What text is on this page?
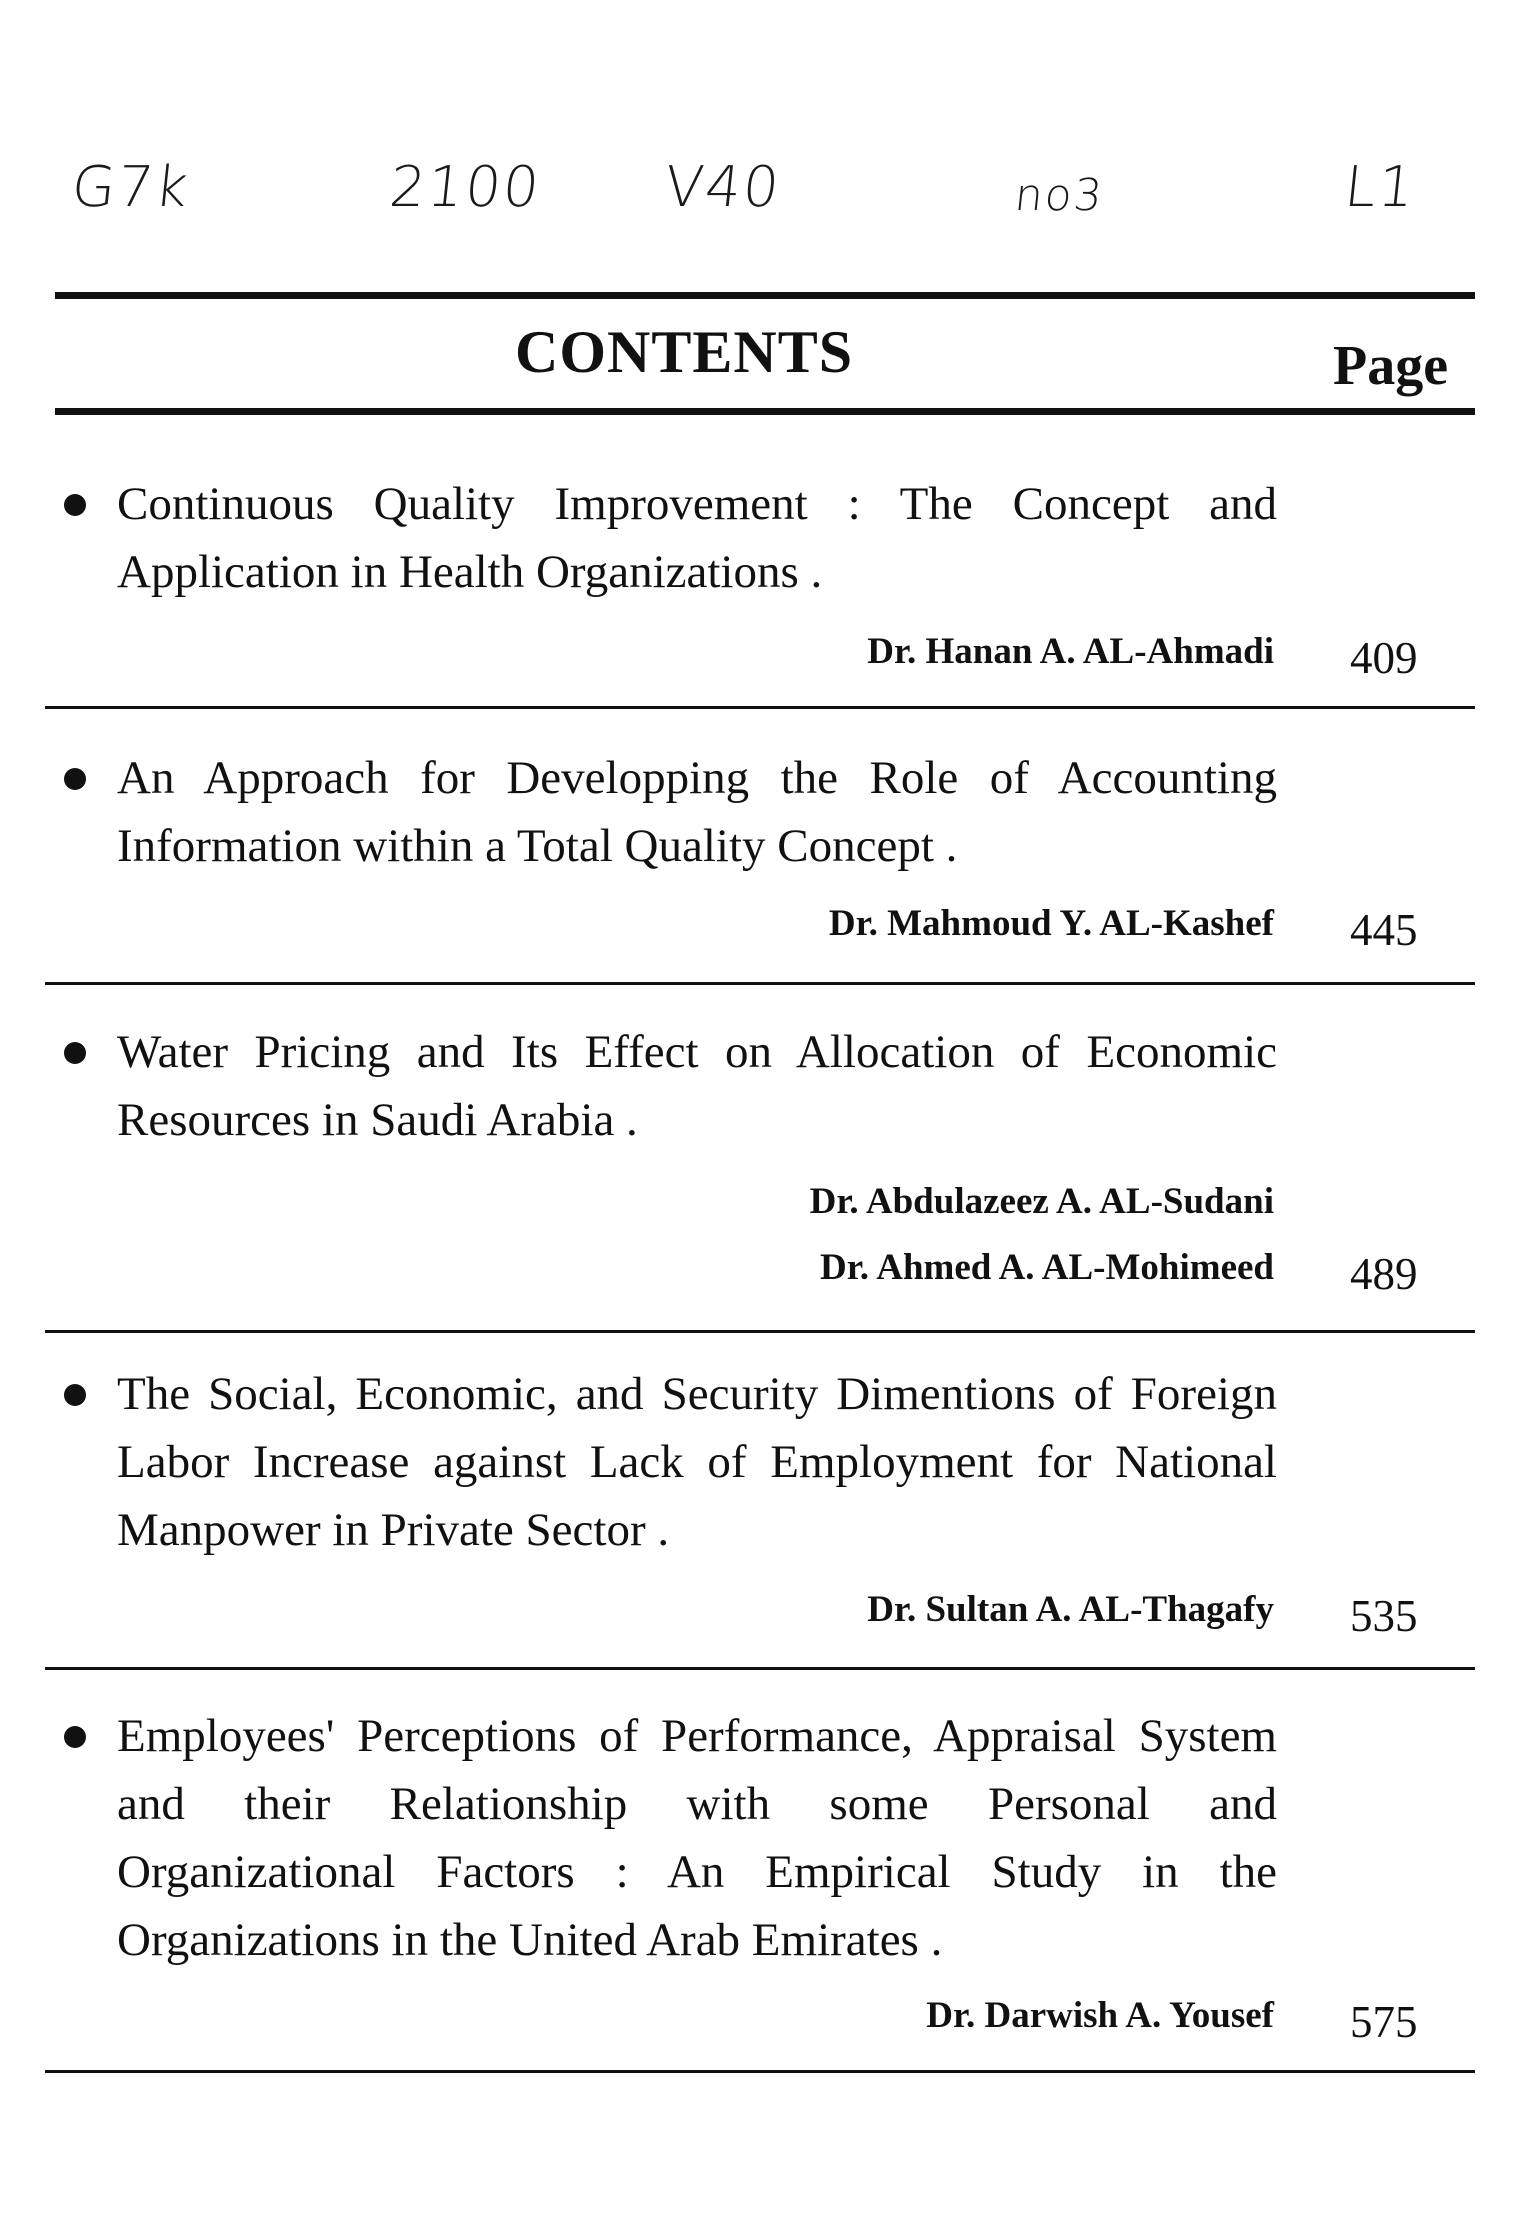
G7k	2100 V40	no3	L1
CONTENTS	Page
Continuous Quality Improvement : The Concept and Application in Health Organizations .
Dr. Hanan A. AL-Ahmadi 409
An Approach for Developping the Role of Accounting Information within a Total Quality Concept .
Dr. Mahmoud Y. AL-Kashef 445
Water Pricing and Its Effect on Allocation of Economic Resources in Saudi Arabia .
Dr. Abdulazeez A. AL-Sudani
Dr. Ahmed A. AL-Mohimeed 489
The Social, Economic, and Security Dimentions of Foreign Labor Increase against Lack of Employment for National Manpower in Private Sector .
Dr. Sultan A. AL-Thagafy 535
Employees' Perceptions of Performance, Appraisal System and their Relationship with some Personal and Organizational Factors : An Empirical Study in the Organizations in the United Arab Emirates .
Dr. Darwish A. Yousef 575
